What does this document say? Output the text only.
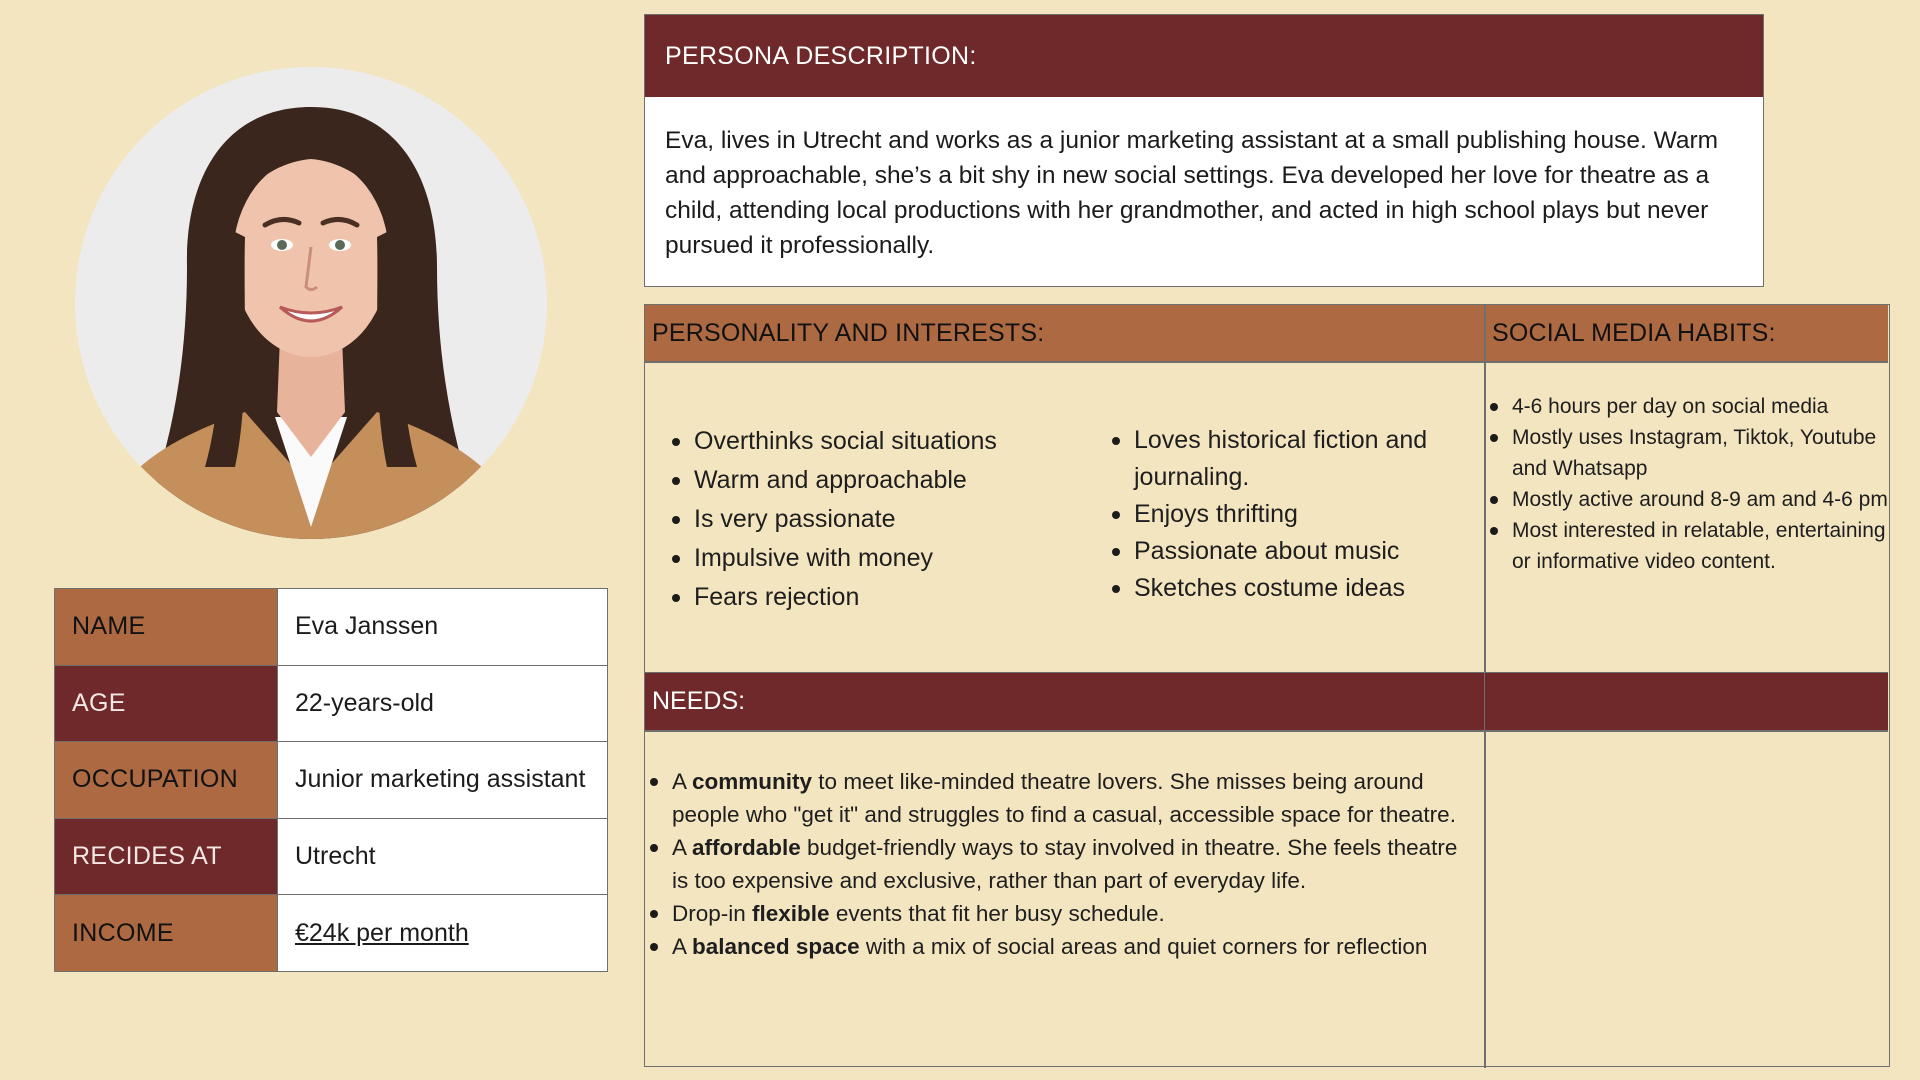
NAME	Eva Janssen
AGE	22-years-old
OCCUPATION	Junior marketing assistant
RECIDES AT	Utrecht
INCOME	€24k per month
PERSONA DESCRIPTION:
Eva, lives in Utrecht and works as a junior marketing assistant at a small publishing house. Warm and approachable, she’s a bit shy in new social settings. Eva developed her love for theatre as a child, attending local productions with her grandmother, and acted in high school plays but never pursued it professionally.
PERSONALITY AND INTERESTS:	SOCIAL MEDIA HABITS:
Overthinks social situations
Warm and approachable
Is very passionate
Impulsive with money
Fears rejection
Loves historical fiction and journaling.
Enjoys thrifting
Passionate about music
Sketches costume ideas
4-6 hours per day on social media
Mostly uses Instagram, Tiktok, Youtube and Whatsapp
Mostly active around 8-9 am and 4-6 pm
Most interested in relatable, entertaining or informative video content.
NEEDS:
A community to meet like-minded theatre lovers. She misses being around people who "get it" and struggles to find a casual, accessible space for theatre.
A affordable budget-friendly ways to stay involved in theatre. She feels theatre is too expensive and exclusive, rather than part of everyday life.
Drop-in flexible events that fit her busy schedule.
A balanced space with a mix of social areas and quiet corners for reflection
